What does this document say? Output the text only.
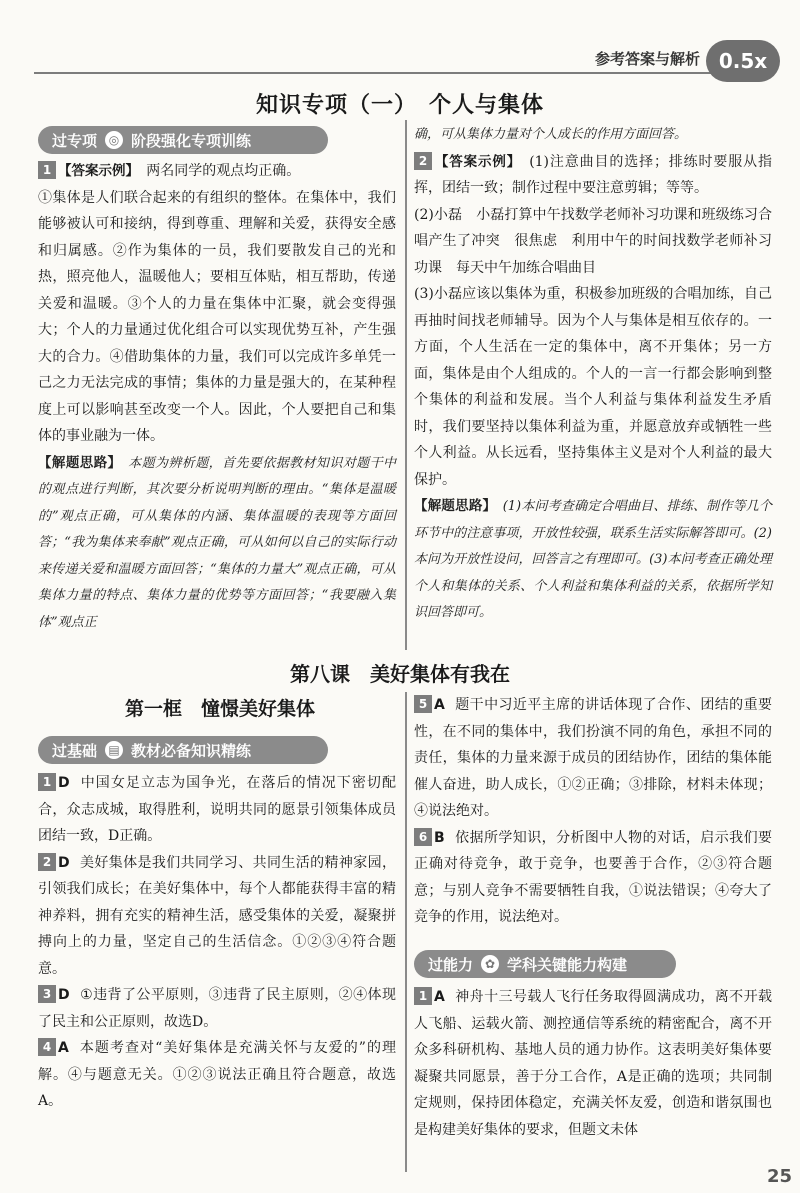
参考答案与解析 0.5x
知识专项（一）　个人与集体
过专项 ◎ 阶段强化专项训练

1 【答案示例】　 两名同学的观点均正确。

①集体是人们联合起来的有组织的整体。在集体中，我们能够被认可和接纳，得到尊重、理解和关爱，获得安全感和归属感。②作为集体的一员，我们要散发自己的光和热，照亮他人，温暖他人；要相互体贴，相互帮助，传递关爱和温暖。③个人的力量在集体中汇聚，就会变得强大；个人的力量通过优化组合可以实现优势互补，产生强大的合力。④借助集体的力量，我们可以完成许多单凭一己之力无法完成的事情；集体的力量是强大的，在某种程度上可以影响甚至改变一个人。因此，个人要把自己和集体的事业融为一体。

【解题思路】　 本题为辨析题，首先要依据教材知识对题干中的观点进行判断，其次要分析说明判断的理由。“集体是温暖的”观点正确，可从集体的内涵、集体温暖的表现等方面回答；“我为集体来奉献”观点正确，可从如何以自己的实际行动来传递关爱和温暖方面回答；“集体的力量大”观点正确，可从集体力量的特点、集体力量的优势等方面回答；“我要融入集体”观点正

确，可从集体力量对个人成长的作用方面回答。

2 【答案示例】　 (1)注意曲目的选择；排练时要服从指挥，团结一致；制作过程中要注意剪辑；等等。

(2)小磊　小磊打算中午找数学老师补习功课和班级练习合唱产生了冲突　很焦虑　利用中午的时间找数学老师补习功课　每天中午加练合唱曲目

(3)小磊应该以集体为重，积极参加班级的合唱加练，自己再抽时间找老师辅导。因为个人与集体是相互依存的。一方面，个人生活在一定的集体中，离不开集体；另一方面，集体是由个人组成的。个人的一言一行都会影响到整个集体的利益和发展。当个人利益与集体利益发生矛盾时，我们要坚持以集体利益为重，并愿意放弃或牺牲一些个人利益。从长远看，坚持集体主义是对个人利益的最大保护。

【解题思路】　 (1)本问考查确定合唱曲目、排练、制作等几个环节中的注意事项，开放性较强，联系生活实际解答即可。(2)本问为开放性设问，回答言之有理即可。(3)本问考查正确处理个人和集体的关系、个人利益和集体利益的关系，依据所学知识回答即可。

第八课　美好集体有我在
第一框　憧憬美好集体
过基础 ▤ 教材必备知识精练

1 D 中国女足立志为国争光，在落后的情况下密切配合，众志成城，取得胜利，说明共同的愿景引领集体成员团结一致，D正确。

2 D 美好集体是我们共同学习、共同生活的精神家园，引领我们成长；在美好集体中，每个人都能获得丰富的精神养料，拥有充实的精神生活，感受集体的关爱，凝聚拼搏向上的力量，坚定自己的生活信念。①②③④符合题意。

3 D ①违背了公平原则，③违背了民主原则，②④体现了民主和公正原则，故选D。

4 A 本题考查对“美好集体是充满关怀与友爱的”的理解。④与题意无关。①②③说法正确且符合题意，故选A。

5 A 题干中习近平主席的讲话体现了合作、团结的重要性，在不同的集体中，我们扮演不同的角色，承担不同的责任，集体的力量来源于成员的团结协作，团结的集体能催人奋进，助人成长，①②正确；③排除，材料未体现；④说法绝对。

6 B 依据所学知识，分析图中人物的对话，启示我们要正确对待竞争，敢于竞争，也要善于合作，②③符合题意；与别人竞争不需要牺牲自我，①说法错误；④夸大了竞争的作用，说法绝对。

过能力 ✿ 学科关键能力构建

1 A 神舟十三号载人飞行任务取得圆满成功，离不开载人飞船、运载火箭、测控通信等系统的精密配合，离不开众多科研机构、基地人员的通力协作。这表明美好集体要凝聚共同愿景，善于分工合作，A是正确的选项；共同制定规则，保持团体稳定，充满关怀友爱，创造和谐氛围也是构建美好集体的要求，但题文未体

25
